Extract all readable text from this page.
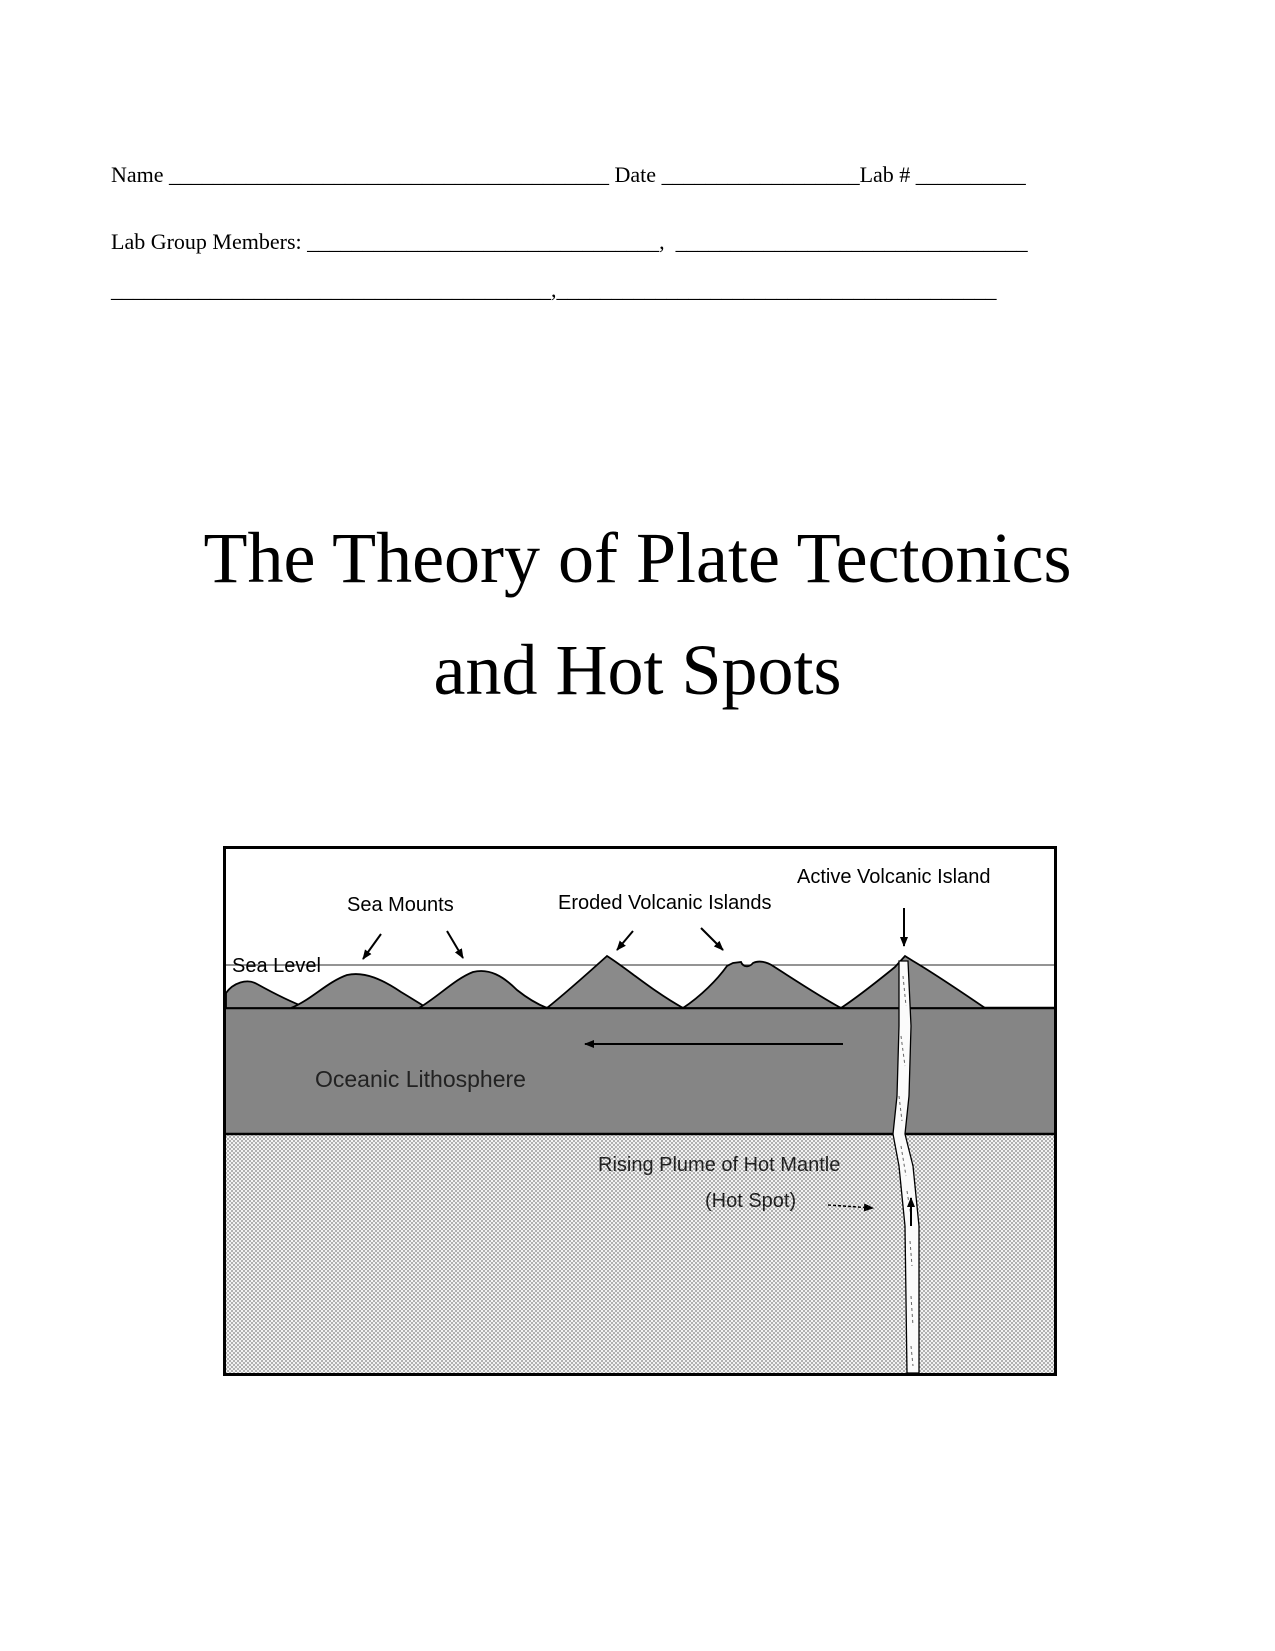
Name ________________________________________ Date __________________Lab # __________
Lab Group Members: ________________________________, ________________________________
________________________________________,________________________________________
The Theory of Plate Tectonics
and Hot Spots
Active Volcanic Island
Sea Mounts	Eroded Volcanic Islands
Sea Level
Oceanic Lithosphere
Rising Plume of Hot Mantle
(Hot Spot)
